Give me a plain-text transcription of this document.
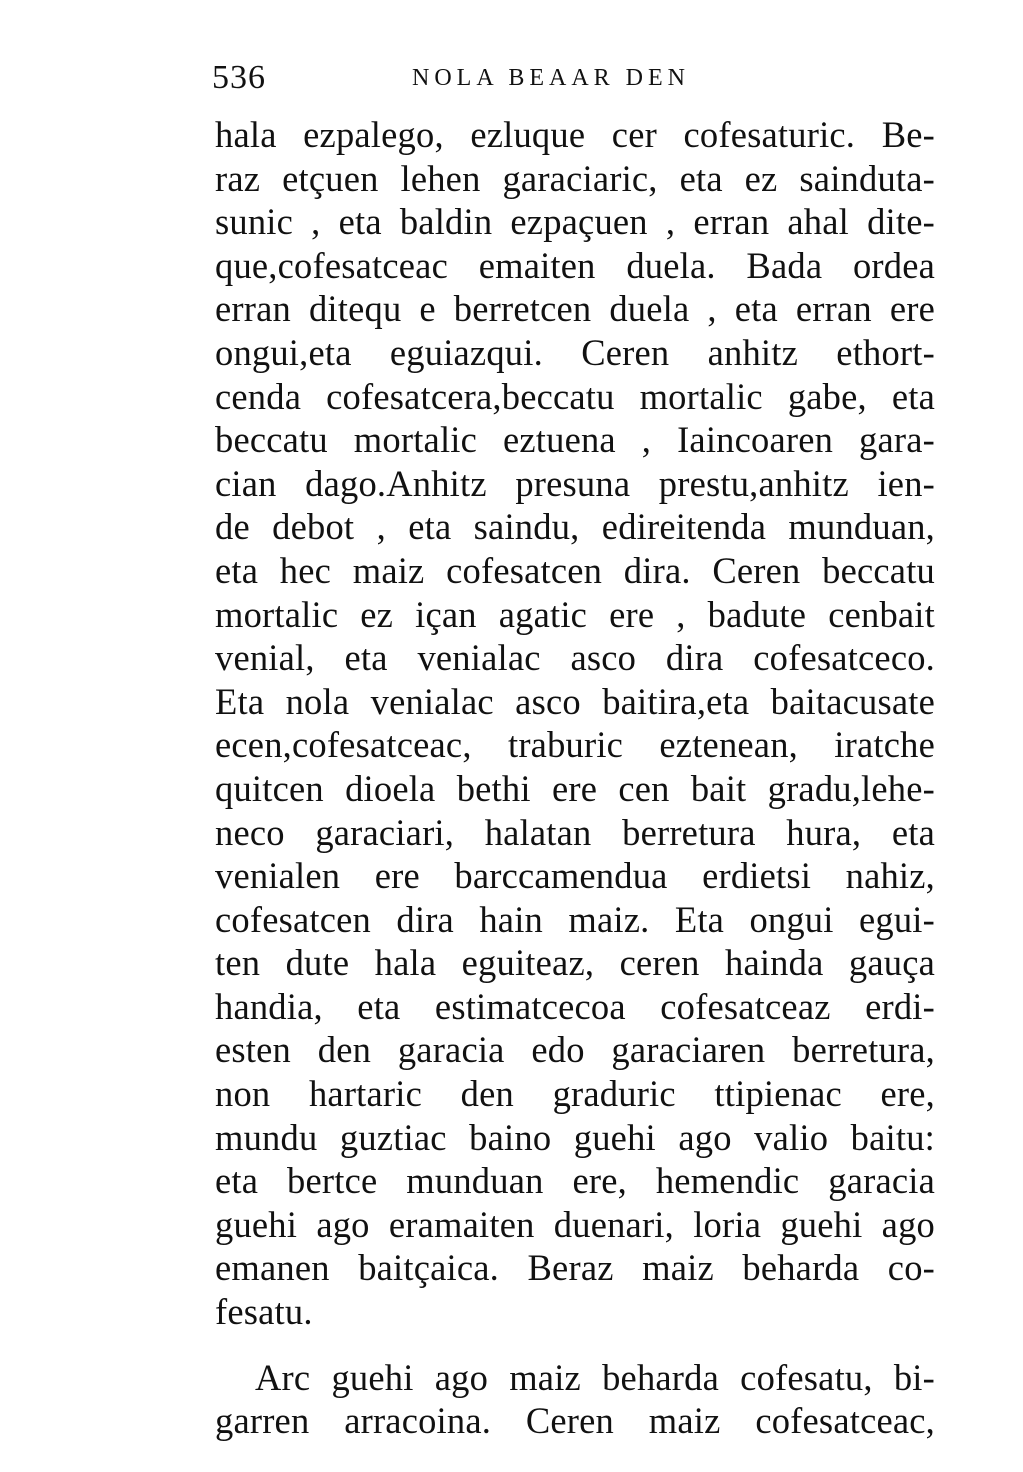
536	NOLA BEAAR DEN
hala ezpalego, ezluque cer cofesaturic. Be-
raz etçuen lehen garaciaric, eta ez sainduta-
sunic , eta baldin ezpaçuen , erran ahal dite-
que,cofesatceac emaiten duela. Bada ordea
erran ditequ e berretcen duela , eta erran ere
ongui,eta eguiazqui. Ceren anhitz ethort-
cenda cofesatcera,beccatu mortalic gabe, eta
beccatu mortalic eztuena , Iaincoaren gara-
cian dago.Anhitz presuna prestu,anhitz ien-
de debot , eta saindu, edireitenda munduan,
eta hec maiz cofesatcen dira. Ceren beccatu
mortalic ez içan agatic ere , badute cenbait
venial, eta venialac asco dira cofesatceco.
Eta nola venialac asco baitira,eta baitacusate
ecen,cofesatceac, traburic eztenean, iratche
quitcen dioela bethi ere cen bait gradu,lehe-
neco garaciari, halatan berretura hura, eta
venialen ere barccamendua erdietsi nahiz,
cofesatcen dira hain maiz. Eta ongui egui-
ten dute hala eguiteaz, ceren hainda gauça
handia, eta estimatcecoa cofesatceaz erdi-
esten den garacia edo garaciaren berretura,
non hartaric den graduric ttipienac ere,
mundu guztiac baino guehi ago valio baitu:
eta bertce munduan ere, hemendic garacia
guehi ago eramaiten duenari, loria guehi ago
emanen baitçaica. Beraz maiz beharda co-
fesatu.
Arc guehi ago maiz beharda cofesatu, bi-
garren arracoina. Ceren maiz cofesatceac,
